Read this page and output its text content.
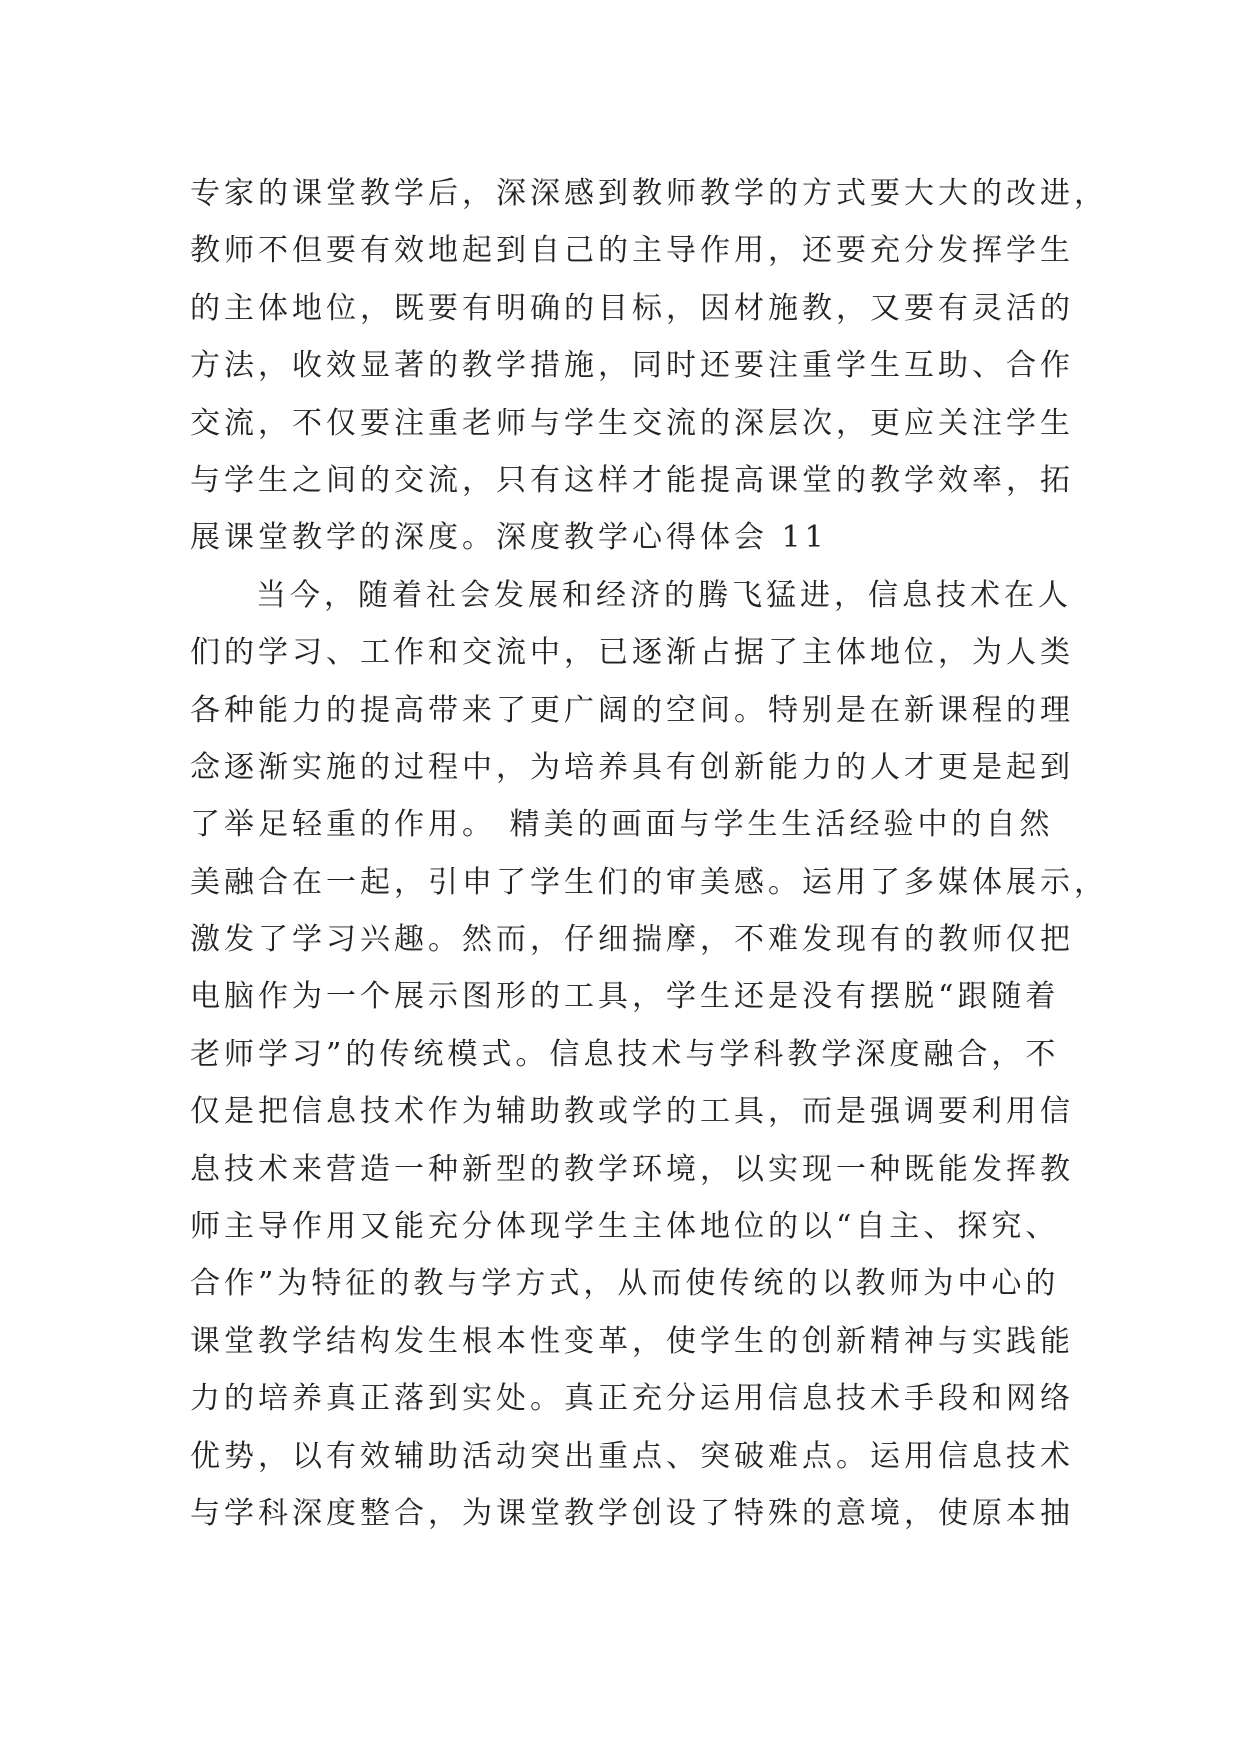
专家的课堂教学后，深深感到教师教学的方式要大大的改进，
教师不但要有效地起到自己的主导作用，还要充分发挥学生
的主体地位，既要有明确的目标，因材施教，又要有灵活的
方法，收效显著的教学措施，同时还要注重学生互助、合作
交流，不仅要注重老师与学生交流的深层次，更应关注学生
与学生之间的交流，只有这样才能提高课堂的教学效率，拓
展课堂教学的深度。深度教学心得体会 11
当今，随着社会发展和经济的腾飞猛进，信息技术在人
们的学习、工作和交流中，已逐渐占据了主体地位，为人类
各种能力的提高带来了更广阔的空间。特别是在新课程的理
念逐渐实施的过程中，为培养具有创新能力的人才更是起到
了举足轻重的作用。 精美的画面与学生生活经验中的自然
美融合在一起，引申了学生们的审美感。运用了多媒体展示，
激发了学习兴趣。然而，仔细揣摩，不难发现有的教师仅把
电脑作为一个展示图形的工具，学生还是没有摆脱“跟随着
老师学习”的传统模式。信息技术与学科教学深度融合，不
仅是把信息技术作为辅助教或学的工具，而是强调要利用信
息技术来营造一种新型的教学环境，以实现一种既能发挥教
师主导作用又能充分体现学生主体地位的以“自主、探究、
合作”为特征的教与学方式，从而使传统的以教师为中心的
课堂教学结构发生根本性变革，使学生的创新精神与实践能
力的培养真正落到实处。真正充分运用信息技术手段和网络
优势，以有效辅助活动突出重点、突破难点。运用信息技术
与学科深度整合，为课堂教学创设了特殊的意境，使原本抽
